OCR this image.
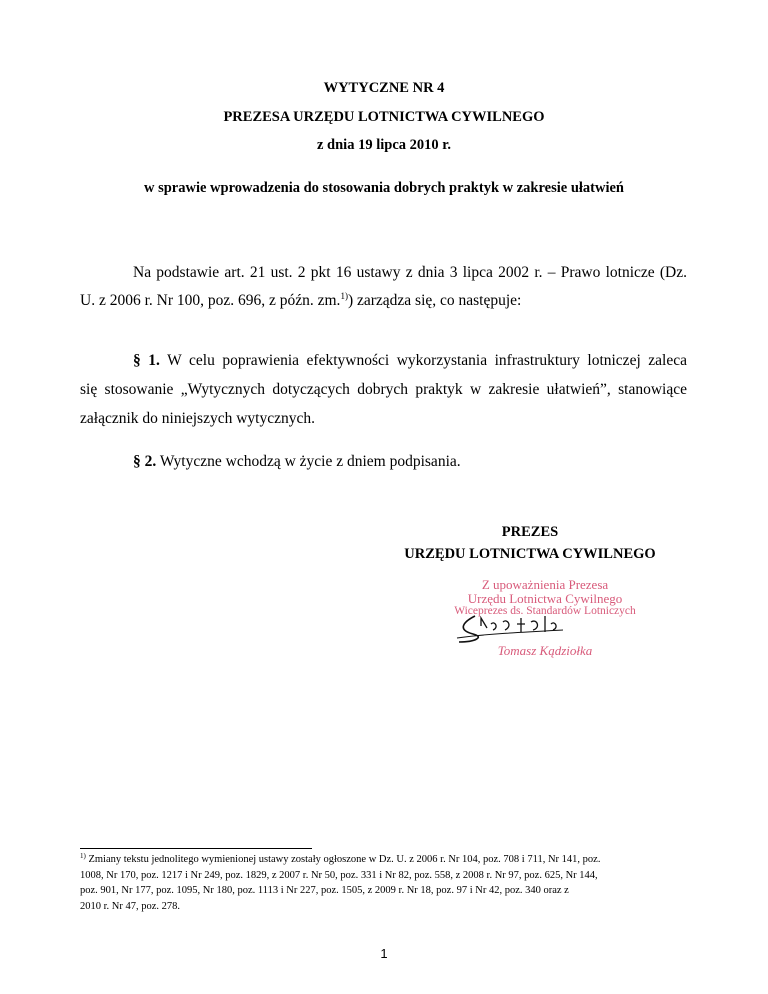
WYTYCZNE NR 4
PREZESA URZĘDU LOTNICTWA CYWILNEGO
z dnia 19 lipca 2010 r.
w sprawie wprowadzenia do stosowania dobrych praktyk w zakresie ułatwień
Na podstawie art. 21 ust. 2 pkt 16 ustawy z dnia 3 lipca 2002 r. – Prawo lotnicze (Dz.
U. z 2006 r. Nr 100, poz. 696, z późn. zm.$^{1)}$) zarządza się, co następuje:
§ 1. W celu poprawienia efektywności wykorzystania infrastruktury lotniczej zaleca
się stosowanie „Wytycznych dotyczących dobrych praktyk w zakresie ułatwień”, stanowiące
załącznik do niniejszych wytycznych.
§ 2. Wytyczne wchodzą w życie z dniem podpisania.
PREZES
URZĘDU LOTNICTWA CYWILNEGO
Z upoważnienia Prezesa
Urzędu Lotnictwa Cywilnego
Wiceprezes ds. Standardów Lotniczych
Tomasz Kądziołka
$^{1)}$ Zmiany tekstu jednolitego wymienionej ustawy zostały ogłoszone w Dz. U. z 2006 r. Nr 104, poz. 708 i 711, Nr 141, poz.
1008, Nr 170, poz. 1217 i Nr 249, poz. 1829, z 2007 r. Nr 50, poz. 331 i Nr 82, poz. 558, z 2008 r. Nr 97, poz. 625, Nr 144,
poz. 901, Nr 177, poz. 1095, Nr 180, poz. 1113 i Nr 227, poz. 1505, z 2009 r. Nr 18, poz. 97 i Nr 42, poz. 340 oraz z
2010 r. Nr 47, poz. 278.
1
